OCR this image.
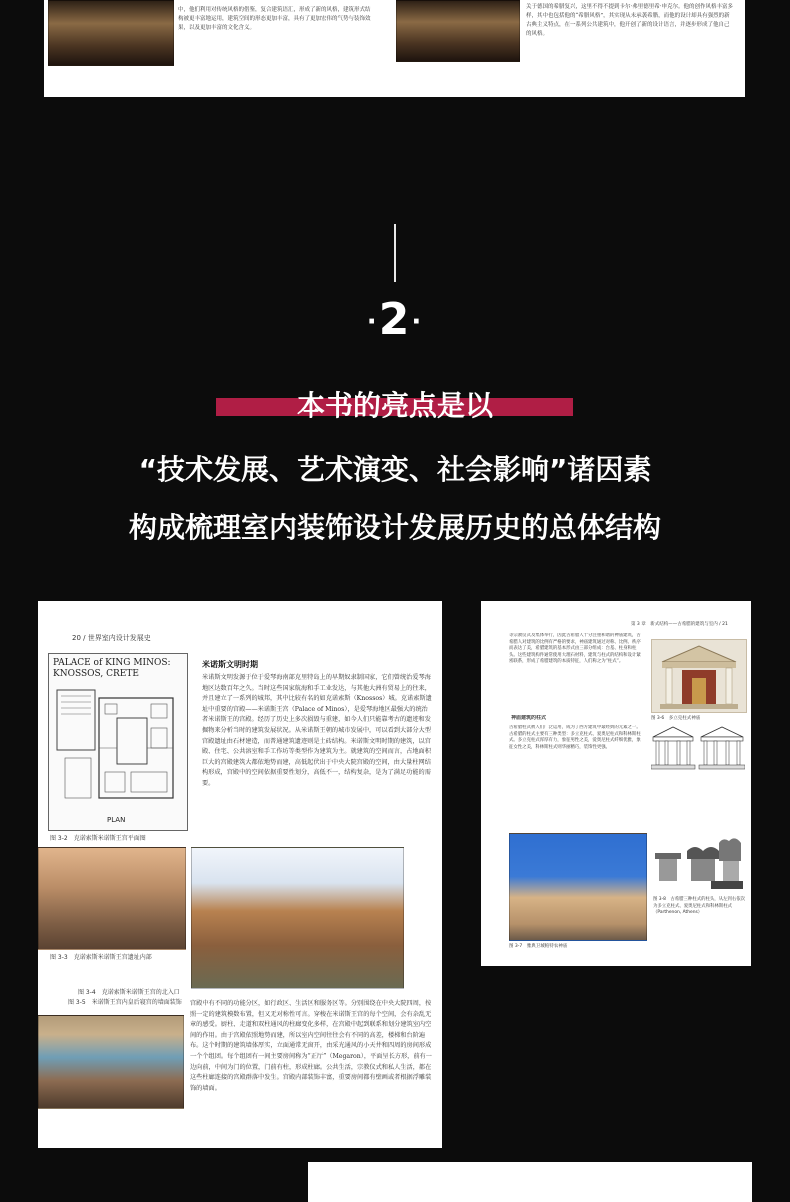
中，他们利用对传统风格的借鉴，复合建筑语汇，形成了新的风格，建筑形式结构被更丰富地运用，建筑空间的形态更加丰富，具有了更加宏伟的气势与装饰效果，以及更加丰富的文化含义。
关于德国的希腊复兴，这里不得不提到卡尔·弗里德里希·申克尔。他的创作风格丰富多样，其中也包括他的“希腊风格”，其实现从未承袭希腊，而他的设计却具有强烈的新古典主义特点，在一系列公共建筑中，他开创了新的设计语言，并逐步形成了他自己的风格。
·2·
本书的亮点是以
“技术发展、艺术演变、社会影响”诸因素
构成梳理室内装饰设计发展历史的总体结构
20 / 世界室内设计发展史
PALACE of KING MINOS: KNOSSOS, CRETE
PLAN
米诺斯文明时期
米诺斯文明发源于位于爱琴海南部克里特岛上的早期奴隶制国家，它们曾统治爱琴海地区达数百年之久。当时这些国家航海和手工业发达，与其他大洲有贸易上的往来，并且建立了一系列的城邦，其中比较有名的如克诺索斯（Knossos）城。克诺索斯遗址中重要的宫殿——米诺斯王宫（Palace of Minos），是爱琴海地区最强大的统治者米诺斯王的宫殿。经历了历史上多次损毁与重建，如今人们只能靠考古的遗迹和发掘物来分析当时的建筑发展状况。从米诺斯王朝的城市发展中，可以看到大部分大型宫殿遗址由石材建造，而普通建筑遗迹则是土砖结构。米诺斯文明时期的建筑，以宫殿、住宅、公共溶室和手工作坊等类型作为建筑为主。就建筑的空间而言，占地面积巨大的宫殿建筑大都依地势而建，高低起伏出于中央大院宫殿的空间，由大量柱网结构形成，宫殿中的空间依据重要性划分，高低不一，结构复杂，是为了满足功能的需要。
图 3-2　克诺索斯米诺斯王宫平面图
图 3-3　克诺索斯米诺斯王宫遗址内部
图 3-4　克诺索斯米诺斯王宫的北入口
图 3-5　米诺斯王宫内皇后寝宫的墙面装饰	宫殿中有不同的功能分区，如行政区、生活区和服务区等。分别围绕在中央大院四周，按照一定的建筑模数布置，但又无对称性可言。穿梭在米诺斯王宫的每个空间，会有杂乱无章的感受。厨柱、走道和双柱通风的柱廊变化多样，在宫殿中起到联系和划分建筑室内空间的作用。由于宫殿依照地势而建，所以室内空间往往会有不同的高差，楼梯和台阶遍布。这个时期的建筑墙体厚实，立面通常无窗开，由采光通风的小天井和四周的房间形成一个个组团。每个组团有一间主要房间称为“正厅”（Megaron），平面呈长方形，前有一边向前，中间为门的位置，门前有柱，形成柱廊。公共生活，宗教仪式和私人生活，都在这些柱廊连接的宫殿群落中发生。宫殿内部装饰丰富，重要房间都有壁画或者根据浮雕装饰的墙面。
第 3 章　新式结构——古希腊的建筑与室内 / 21
等宗教仪式及集体举行，因此古希腊人十分注重和谐的神庙建筑，古希腊人对建筑的比例有严格的要求，神庙建筑通过对称、比例、秩序而表达了美，希腊建筑的基本形式由三部分组成：台基、柱身和柱头。这些建筑构件通常使用大理石材料，建筑与柱式的结构和设计紧密联系，形成了希腊建筑的本质特征，人们称之为“柱式”。
神庙建筑的柱式
古希腊柱式被人们广泛运用，成为了西方建筑中最经典的元素之一。古希腊的柱式主要有三种类型：多立克柱式、爱奥尼柱式和科林斯柱式。多立克柱式浑厚有力，象征男性之美，爱奥尼柱式纤细优雅，象征女性之美，科林斯柱式则华丽精巧，装饰性更强。
图 3-6　多立克柱式神庙
图 3-7　雅典卫城帕特农神庙
图 3-8　古希腊三种柱式的柱头，从左到右依次为多立克柱式、爱奥尼柱式和科林斯柱式（Parthenon, Athens）
